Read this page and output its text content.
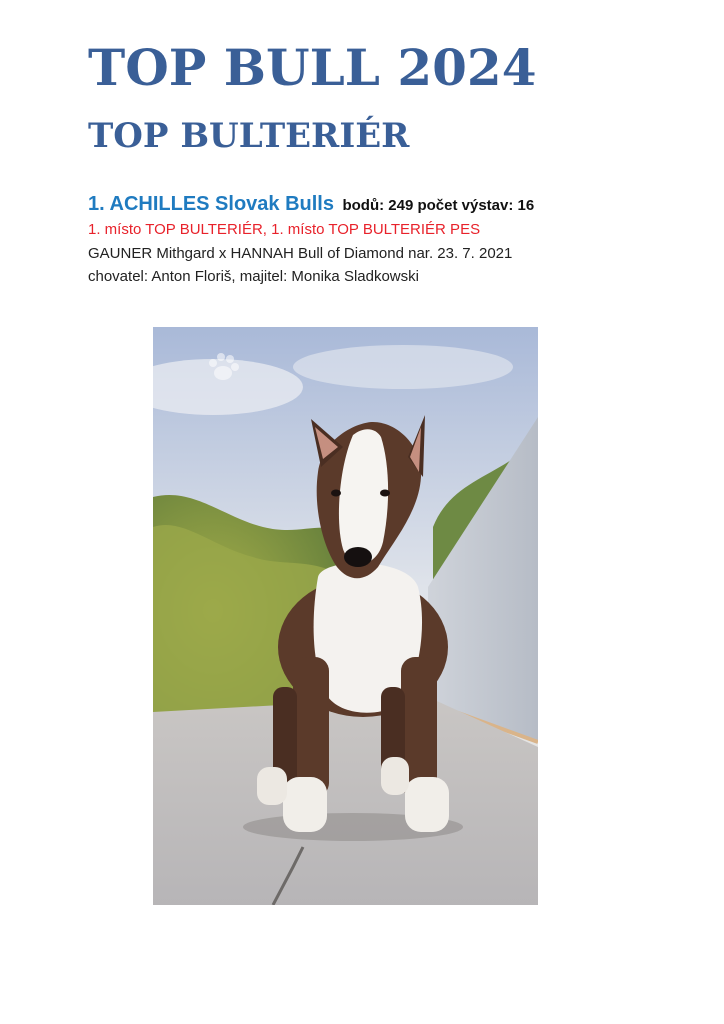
TOP BULL 2024
TOP BULTERIÉR
1. ACHILLES Slovak Bulls bodů: 249 počet výstav: 16
1. místo TOP BULTERIÉR, 1. místo TOP BULTERIÉR PES
GAUNER Mithgard x HANNAH Bull of Diamond nar. 23. 7. 2021
chovatel: Anton Floriš, majitel: Monika Sladkowski
